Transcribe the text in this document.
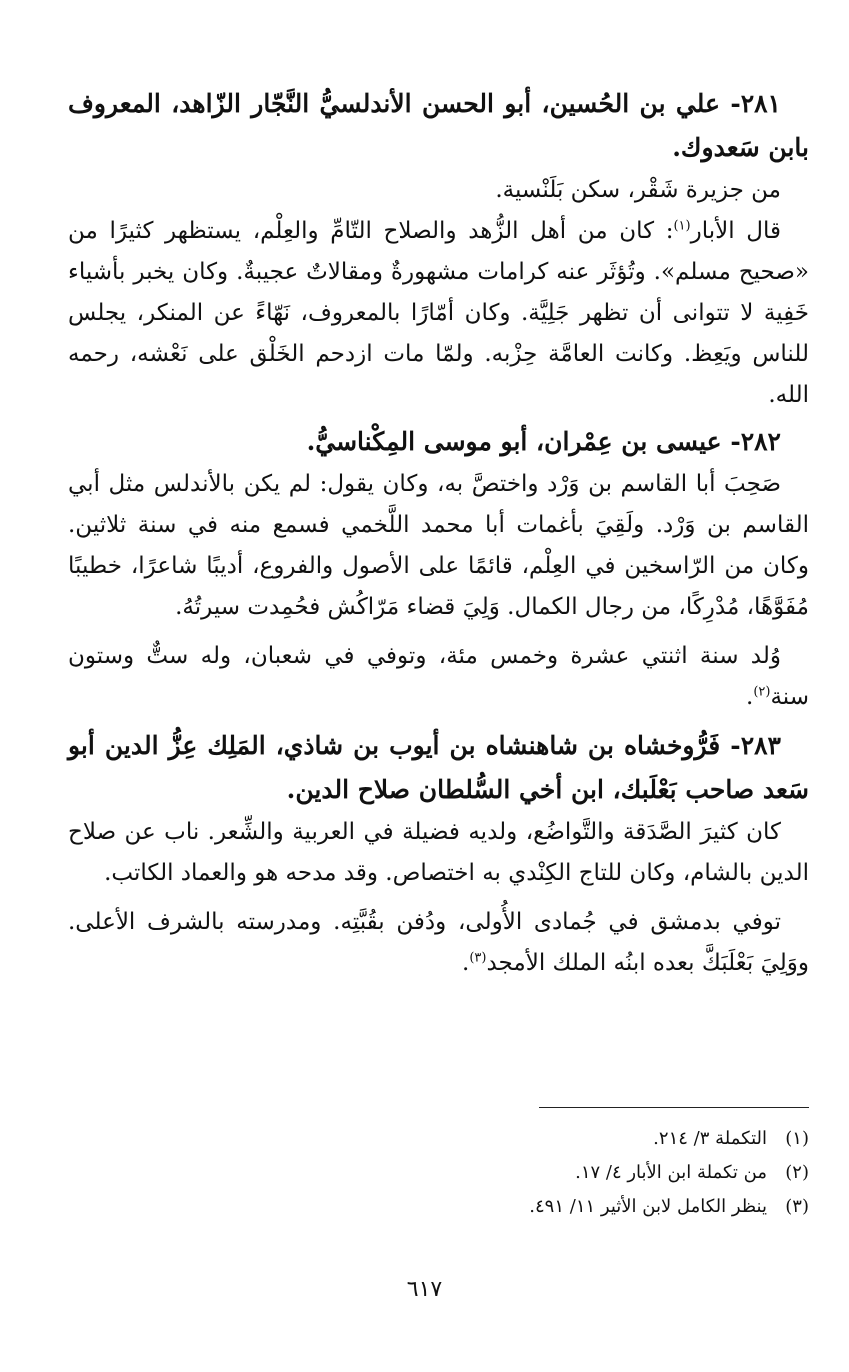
٢٨١- علي بن الحُسين، أبو الحسن الأندلسيُّ النَّجّار الزّاهد، المعروف بابن سَعدوك.

من جزيرة شَقْر، سكن بَلَنْسية.

قال الأبار$^{(١)}$: كان من أهل الزُّهد والصلاح التّامِّ والعِلْم، يستظهر كثيرًا من «صحيح مسلم». وتُؤثَر عنه كرامات مشهورةٌ ومقالاتٌ عجيبةٌ. وكان يخبر بأشياء خَفِية لا تتوانى أن تظهر جَلِيَّة. وكان أمّارًا بالمعروف، نَهّاءً عن المنكر، يجلس للناس ويَعِظ. وكانت العامَّة حِزْبه. ولمّا مات ازدحم الخَلْق على نَعْشه، رحمه الله.

٢٨٢- عيسى بن عِمْران، أبو موسى المِكْناسيُّ.

صَحِبَ أبا القاسم بن وَرْد واختصَّ به، وكان يقول: لم يكن بالأندلس مثل أبي القاسم بن وَرْد. ولَقِيَ بأغمات أبا محمد اللَّخمي فسمع منه في سنة ثلاثين. وكان من الرّاسخين في العِلْم، قائمًا على الأصول والفروع، أديبًا شاعرًا، خطيبًا مُفَوَّهًا، مُدْرِكًا، من رجال الكمال. وَلِيَ قضاء مَرّاكُش فحُمِدت سيرتُهُ.

وُلد سنة اثنتي عشرة وخمس مئة، وتوفي في شعبان، وله ستٌّ وستون سنة$^{(٢)}$.

٢٨٣- فَرُّوخشاه بن شاهنشاه بن أيوب بن شاذي، المَلِك عِزُّ الدين أبو سَعد صاحب بَعْلَبك، ابن أخي السُّلطان صلاح الدين.

كان كثيرَ الصَّدَقة والتَّواضُع، ولديه فضيلة في العربية والشِّعر. ناب عن صلاح الدين بالشام، وكان للتاج الكِنْدي به اختصاص. وقد مدحه هو والعماد الكاتب.

توفي بدمشق في جُمادى الأُولى، ودُفن بقُبَّتِه. ومدرسته بالشرف الأعلى. ووَلِيَ بَعْلَبَكَّ بعده ابنُه الملك الأمجد$^{(٣)}$.

(١)
التكملة ٣/ ٢١٤.
(٢)
من تكملة ابن الأبار ٤/ ١٧.
(٣)
ينظر الكامل لابن الأثير ١١/ ٤٩١.
٦١٧
